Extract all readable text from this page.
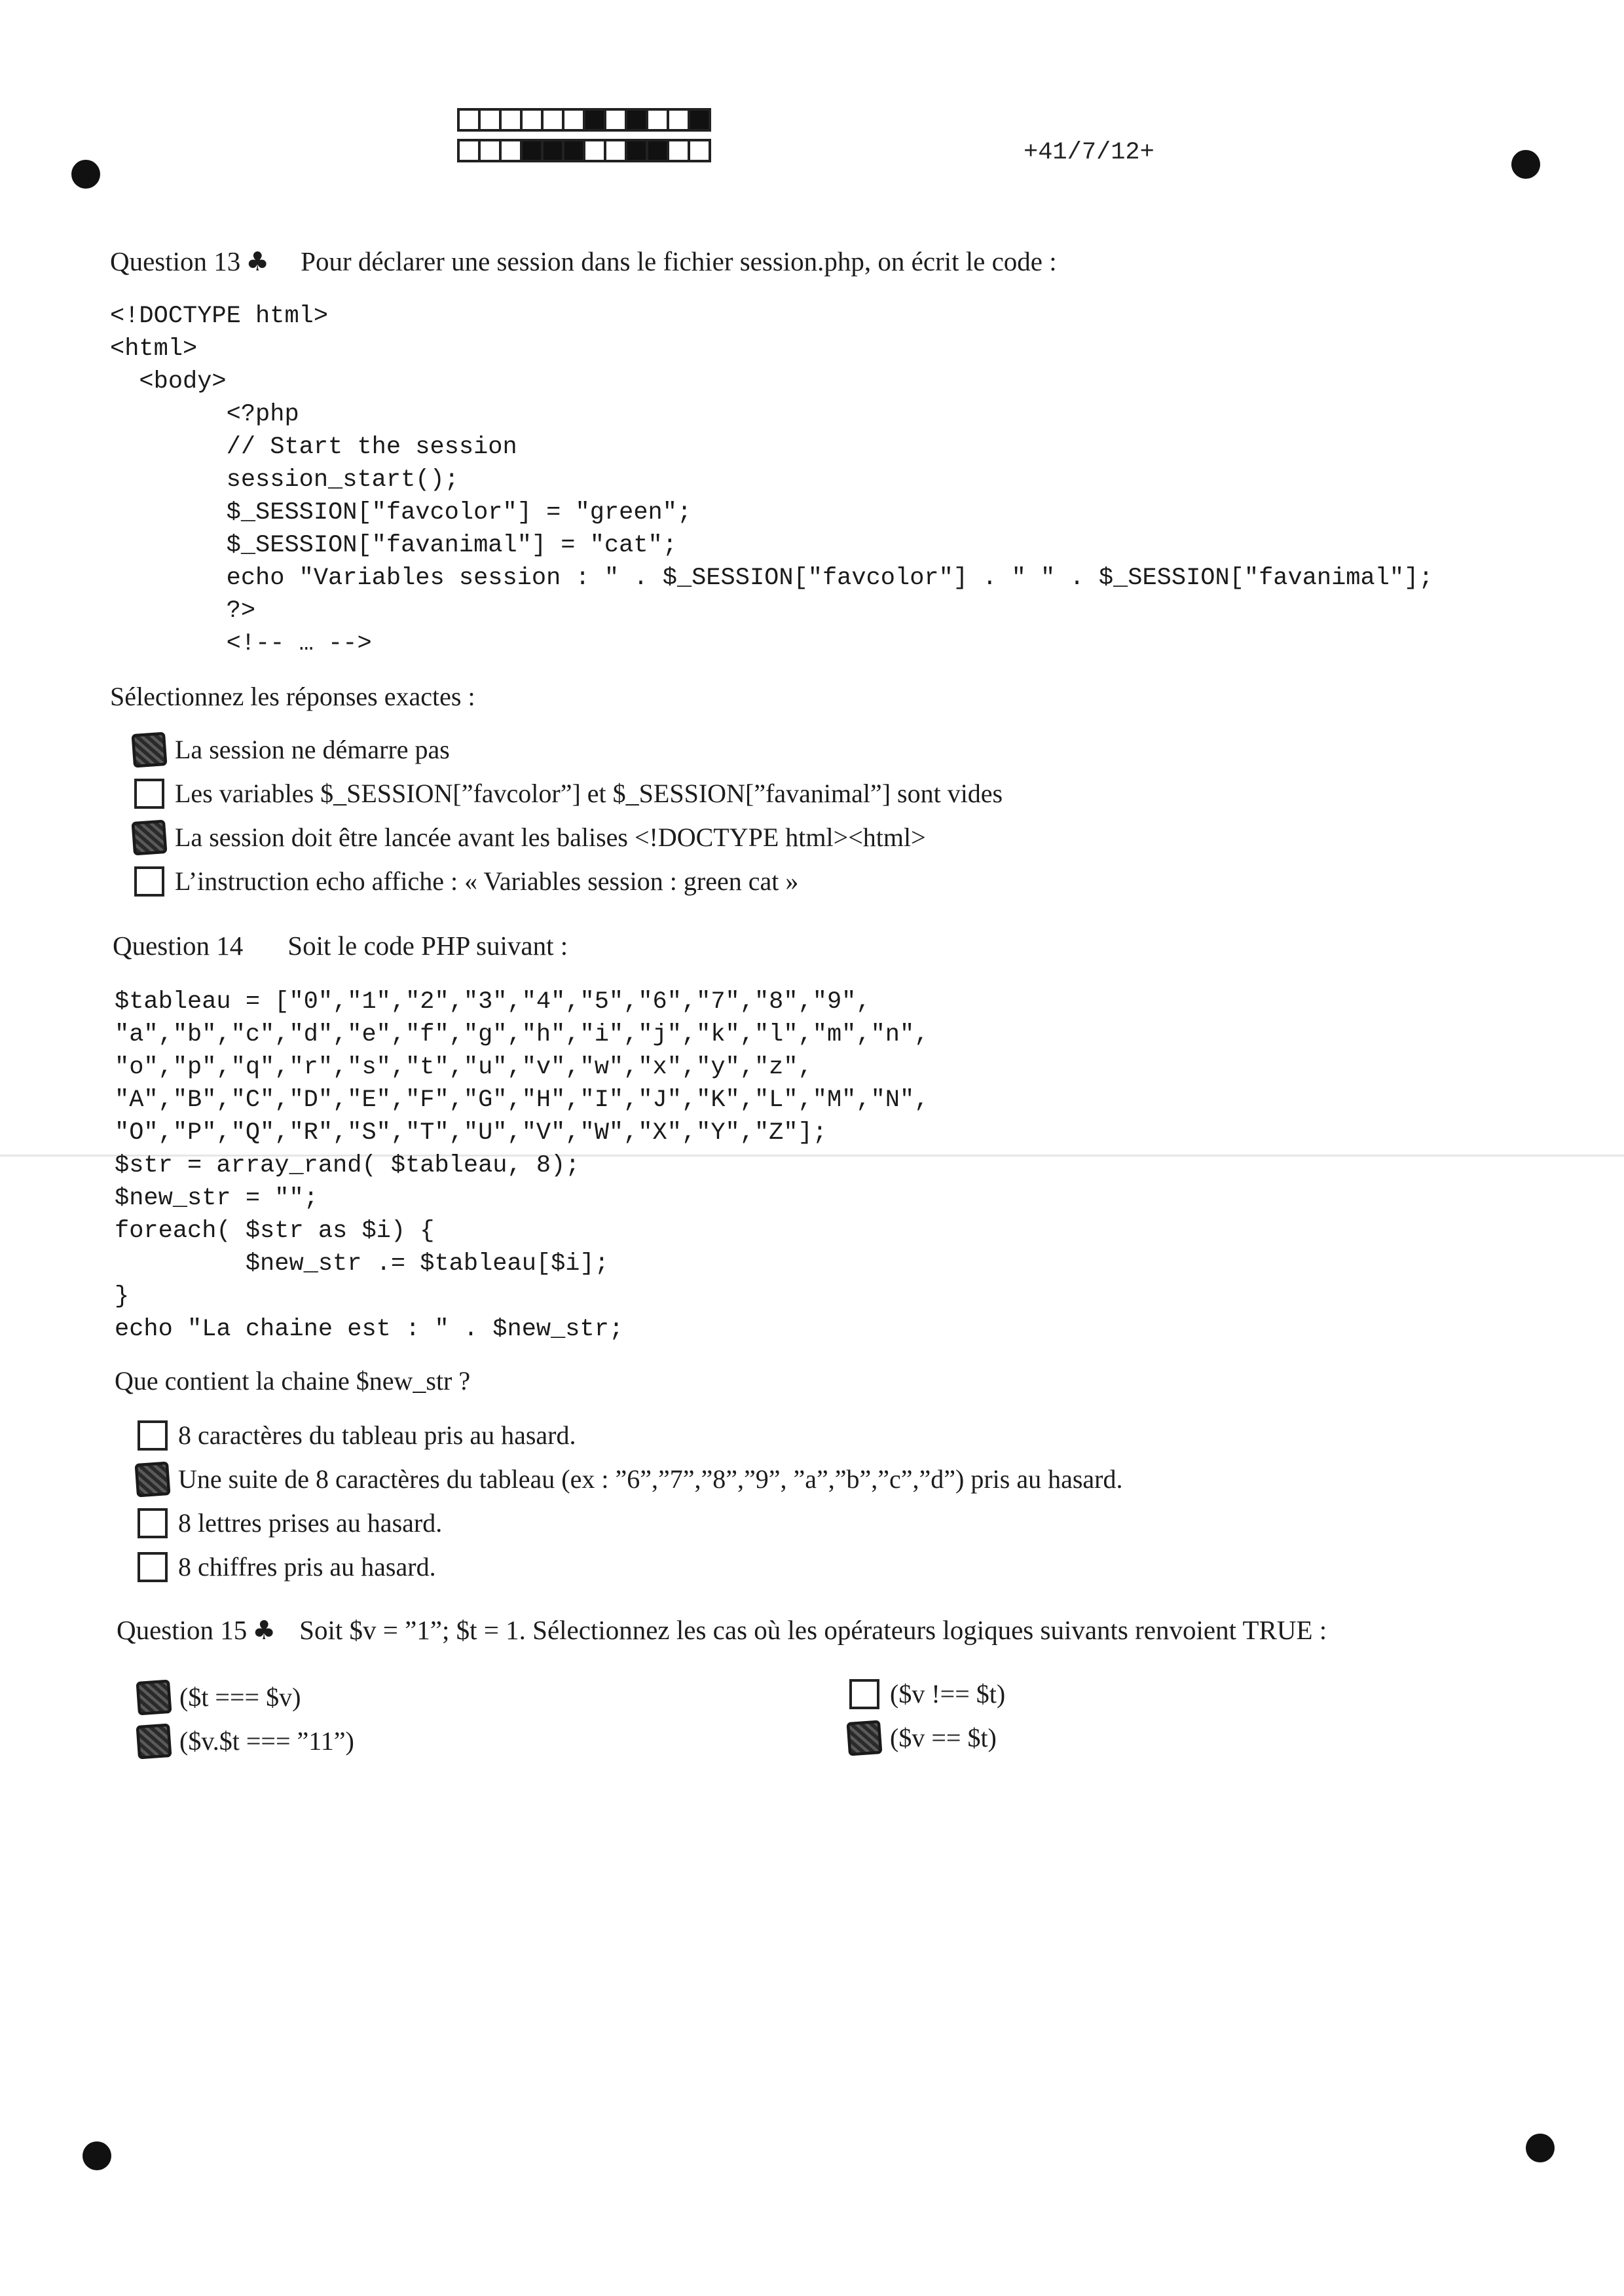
+41/7/12+
Question 13 ♣ Pour déclarer une session dans le fichier session.php, on écrit le code :
<!DOCTYPE html>
<html>
<body>
<?php
// Start the session
session_start();
$_SESSION["favcolor"] = "green";
$_SESSION["favanimal"] = "cat";
echo "Variables session : " . $_SESSION["favcolor"] . " " . $_SESSION["favanimal"];
?>
<!-- … -->
Sélectionnez les réponses exactes :
La session ne démarre pas
Les variables $_SESSION[”favcolor”] et $_SESSION[”favanimal”] sont vides
La session doit être lancée avant les balises <!DOCTYPE html><html>
L’instruction echo affiche : « Variables session : green cat »
Question 14 Soit le code PHP suivant :
$tableau = ["0","1","2","3","4","5","6","7","8","9",
"a","b","c","d","e","f","g","h","i","j","k","l","m","n",
"o","p","q","r","s","t","u","v","w","x","y","z",
"A","B","C","D","E","F","G","H","I","J","K","L","M","N",
"O","P","Q","R","S","T","U","V","W","X","Y","Z"];
$str = array_rand( $tableau, 8);
$new_str = "";
foreach( $str as $i) {
$new_str .= $tableau[$i];
}
echo "La chaine est : " . $new_str;
Que contient la chaine $new_str ?
8 caractères du tableau pris au hasard.
Une suite de 8 caractères du tableau (ex : ”6”,”7”,”8”,”9”, ”a”,”b”,”c”,”d”) pris au hasard.
8 lettres prises au hasard.
8 chiffres pris au hasard.
Question 15 ♣ Soit $v = ”1”; $t = 1. Sélectionnez les cas où les opérateurs logiques suivants renvoient TRUE :
($t === $v)
($v.$t === ”11”)
($v !== $t)
($v == $t)
